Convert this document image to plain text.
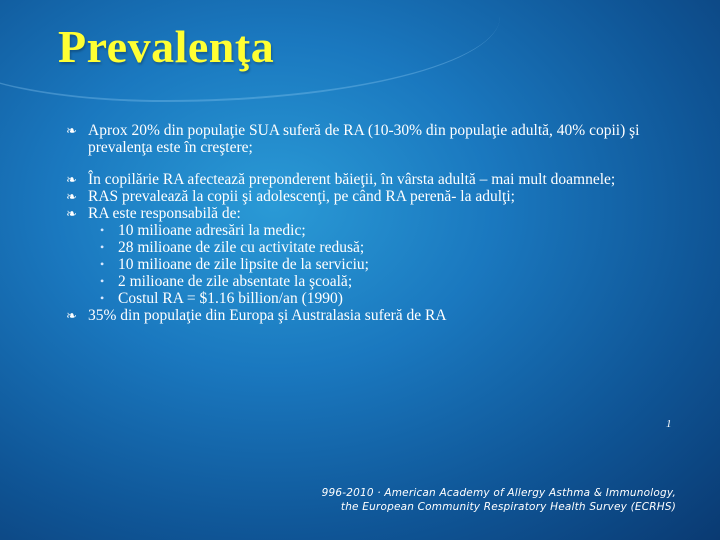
Prevalenţa
❧ Aprox 20% din populaţie SUA suferă de RA (10-30% din populaţie adultă, 40% copii) şi prevalenţa este în creştere;
❧ În copilărie RA afectează preponderent băieţii, în vârsta adultă – mai mult doamnele;
❧ RAS prevalează la copii şi adolescenţi, pe când RA perenă- la adulţi;
❧ RA este responsabilă de:
• 10 milioane adresări la medic;
• 28 milioane de zile cu activitate redusă;
• 10 milioane de zile lipsite de la serviciu;
• 2 milioane de zile absentate la şcoală;
• Costul RA = $1.16 billion/an (1990)
❧ 35% din populaţie din Europa şi Australasia suferă de RA
1
996-2010 · American Academy of Allergy Asthma & Immunology,
the European Community Respiratory Health Survey (ECRHS)
